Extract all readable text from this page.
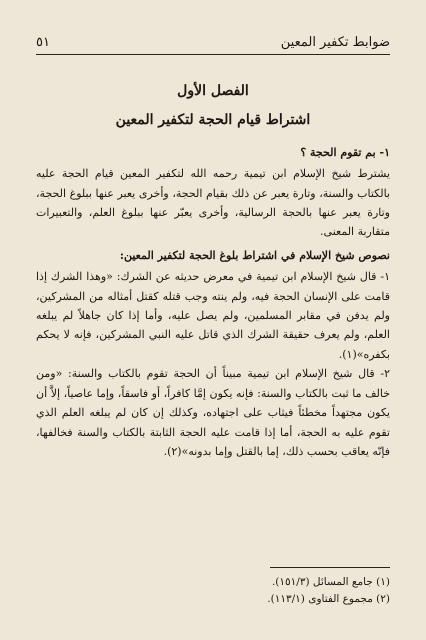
ضوابط تكفير المعين
٥١
الفصل الأول
اشتراط قيام الحجة لتكفير المعين
١- بم تقوم الحجة ؟

يشترط شيخ الإسلام ابن تيمية رحمه الله لتكفير المعين قيام الحجة عليه بالكتاب والسنة، وتارة يعبر عن ذلك بقيام الحجة، وأخرى يعبر عنها ببلوغ الحجة، وتارة يعبر عنها بالحجة الرسالية، وأخرى يعبّر عنها ببلوغ العلم، والتعبيرات متقاربة المعنى.

نصوص شيخ الإسلام في اشتراط بلوغ الحجة لتكفير المعين:

١- قال شيخ الإسلام ابن تيمية في معرض حديثه عن الشرك: «وهذا الشرك إذا قامت على الإنسان الحجة فيه، ولم ينته وجب قتله كقتل أمثاله من المشركين، ولم يدفن في مقابر المسلمين، ولم يصل عليه، وأما إذا كان جاهلاً لم يبلغه العلم، ولم يعرف حقيقة الشرك الذي قاتل عليه النبي المشركين، فإنه لا يحكم بكفره»(١).

٢- قال شيخ الإسلام ابن تيمية مبيناً أن الحجة تقوم بالكتاب والسنة: «ومن خالف ما ثبت بالكتاب والسنة: فإنه يكون إمَّا كافراً، أو فاسقاً، وإما عاصياً، إلاَّ أن يكون مجتهداً مخطئاً فيثاب على اجتهاده، وكذلك إن كان لم يبلغه العلم الذي تقوم عليه به الحجة، أما إذا قامت عليه الحجة الثابتة بالكتاب والسنة فخالفها، فإنّه يعاقب بحسب ذلك، إما بالقتل وإما بدونه»(٢).

(١) جامع المسائل (١٥١/٣).
(٢) مجموع الفتاوى (١١٣/١).
